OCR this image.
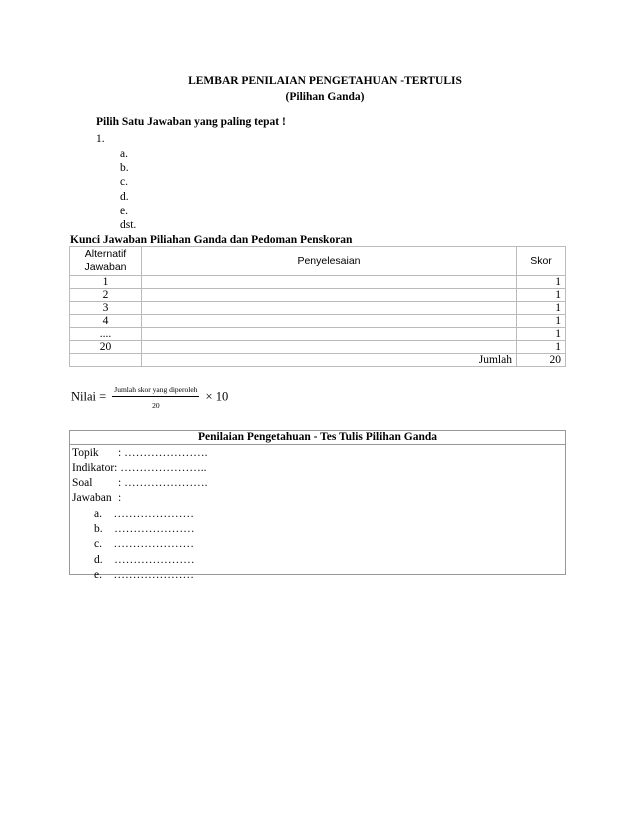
LEMBAR PENILAIAN PENGETAHUAN -TERTULIS
(Pilihan Ganda)
Pilih Satu Jawaban yang paling tepat !
1.
a.
b.
c.
d.
e.
dst.
Kunci Jawaban Piliahan Ganda dan Pedoman Penskoran
Alternatif Jawaban	Penyelesaian	Skor
1		1
2		1
3		1
4		1
....		1
20		1
	Jumlah	20
Nilai = $\frac{\text{Jumlah skor yang diperoleh}}{20} \times 10$
Penilaian Pengetahuan - Tes Tulis Pilihan Ganda
Topik : ………………….
Indikator: …………………..
Soal : ………………….
Jawaban :
a.    …………………
b.    …………………
c.    …………………
d.    …………………
e.    …………………
